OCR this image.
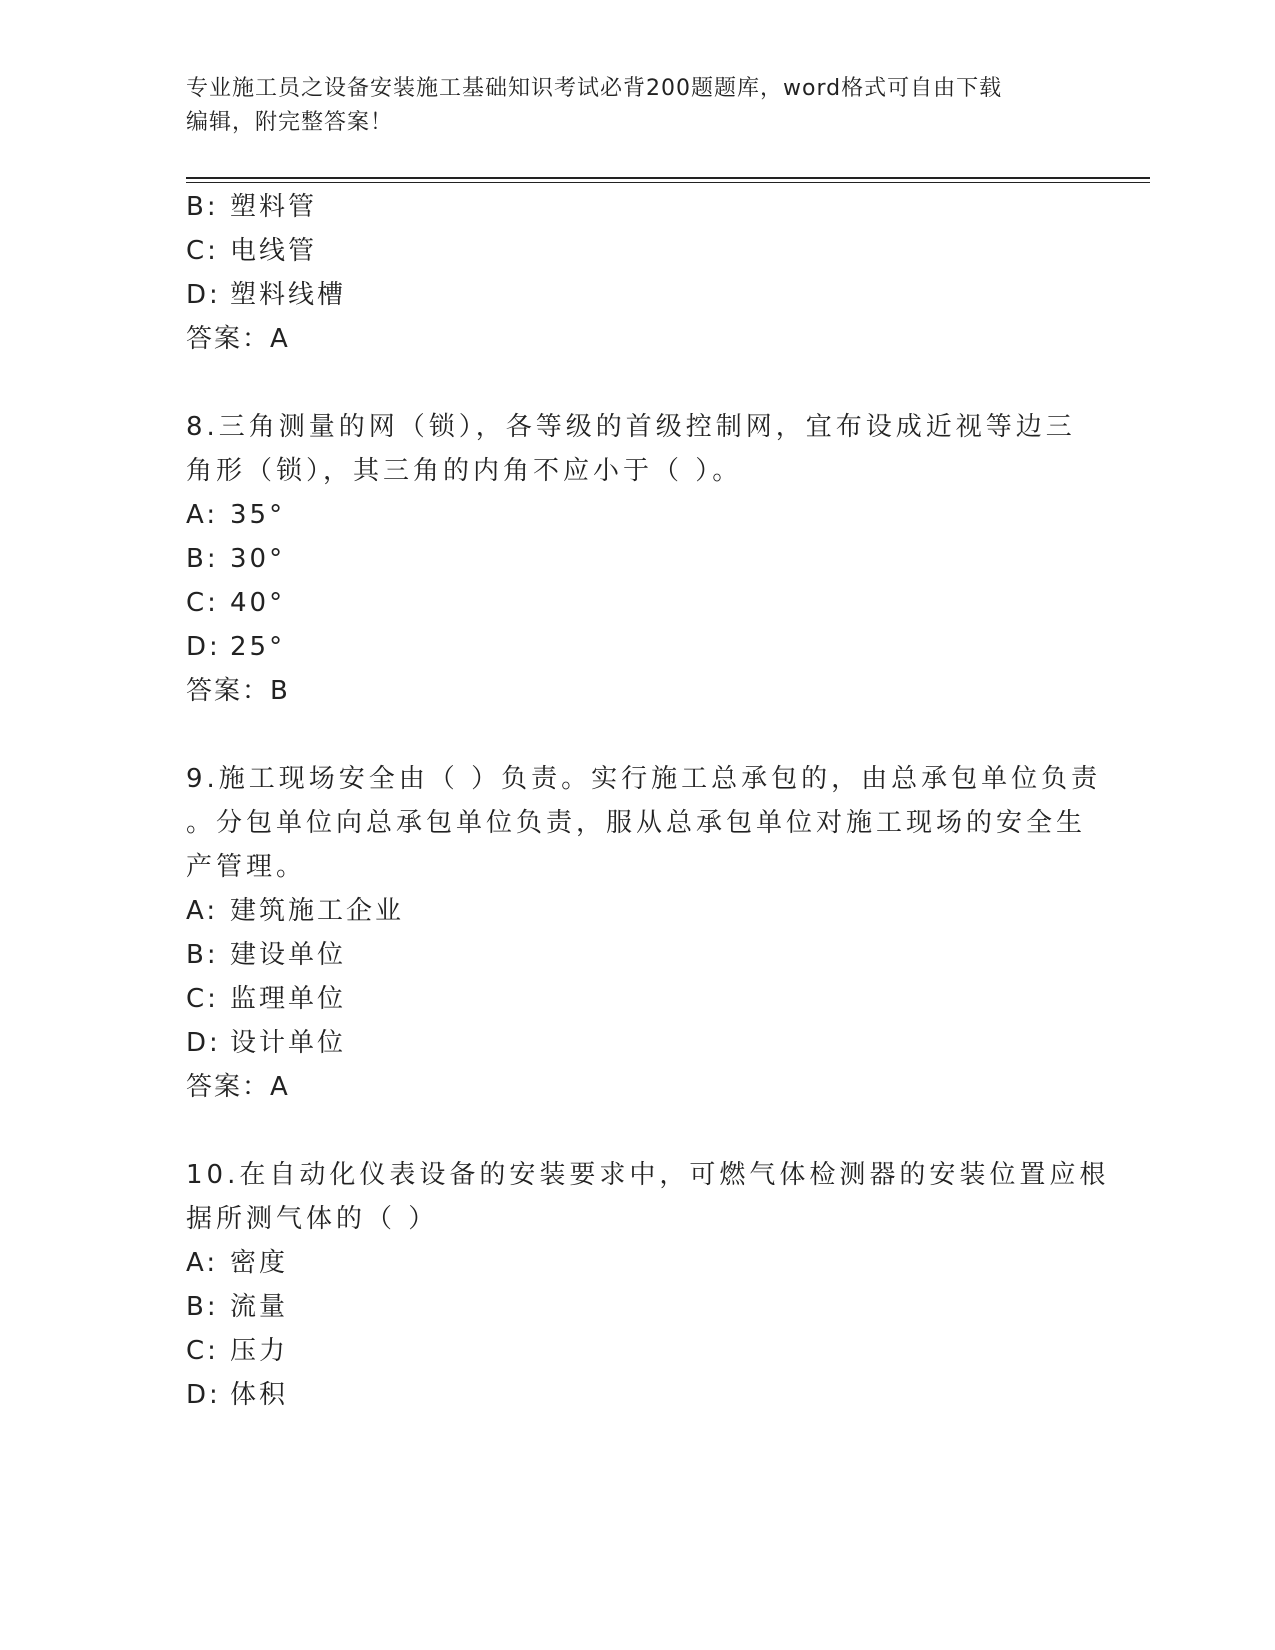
专业施工员之设备安装施工基础知识考试必背200题题库，word格式可自由下载
编辑，附完整答案！
B: 塑料管
C: 电线管
D: 塑料线槽
答案：A
8.三角测量的网（锁），各等级的首级控制网，宜布设成近视等边三
角形（锁），其三角的内角不应小于（ ）。
A: 35°
B: 30°
C: 40°
D: 25°
答案：B
9.施工现场安全由（ ）负责。实行施工总承包的，由总承包单位负责
。分包单位向总承包单位负责，服从总承包单位对施工现场的安全生
产管理。
A: 建筑施工企业
B: 建设单位
C: 监理单位
D: 设计单位
答案：A
10.在自动化仪表设备的安装要求中，可燃气体检测器的安装位置应根
据所测气体的（ ）
A: 密度
B: 流量
C: 压力
D: 体积
